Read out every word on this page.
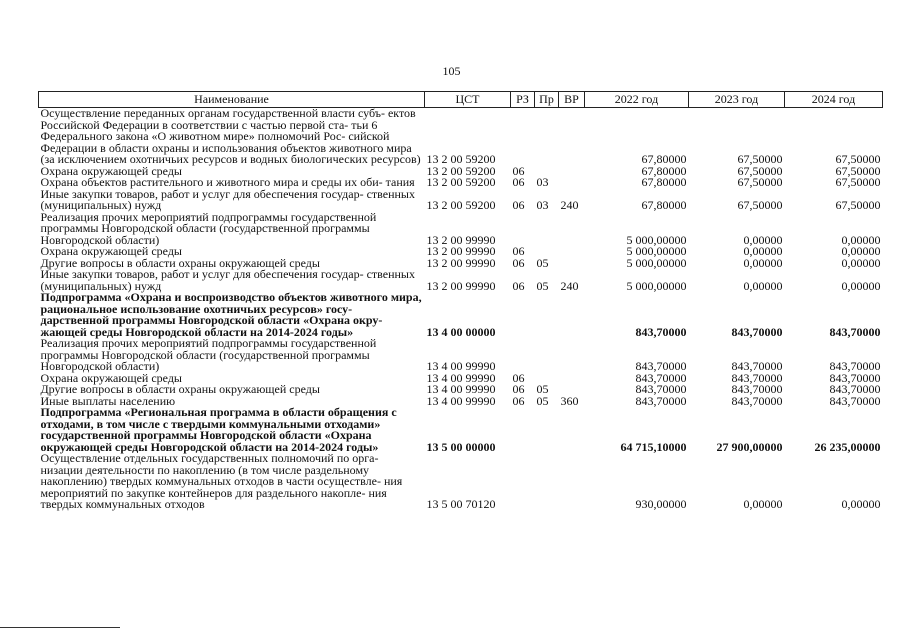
105
Наименование	ЦСТ	РЗ	Пр	ВР	2022 год	2023 год	2024 год
Осуществление переданных органам государственной власти субъ- ектов Российской Федерации в соответствии с частью первой ста- тьи 6 Федерального закона «О животном мире» полномочий Рос- сийской Федерации в области охраны и использования объектов животного мира (за исключением охотничьих ресурсов и водных биологических ресурсов)	13 2 00 59200				67,80000	67,50000	67,50000
Охрана окружающей среды	13 2 00 59200	06			67,80000	67,50000	67,50000
Охрана объектов растительного и животного мира и среды их оби- тания	13 2 00 59200	06	03		67,80000	67,50000	67,50000
Иные закупки товаров, работ и услуг для обеспечения государ- ственных (муниципальных) нужд	13 2 00 59200	06	03	240	67,80000	67,50000	67,50000
Реализация прочих мероприятий подпрограммы государственной программы Новгородской области (государственной программы Новгородской области)	13 2 00 99990				5 000,00000	0,00000	0,00000
Охрана окружающей среды	13 2 00 99990	06			5 000,00000	0,00000	0,00000
Другие вопросы в области охраны окружающей среды	13 2 00 99990	06	05		5 000,00000	0,00000	0,00000
Иные закупки товаров, работ и услуг для обеспечения государ- ственных (муниципальных) нужд	13 2 00 99990	06	05	240	5 000,00000	0,00000	0,00000
Подпрограмма «Охрана и воспроизводство объектов животного мира, рациональное использование охотничьих ресурсов» госу- дарственной программы Новгородской области «Охрана окру- жающей среды Новгородской области на 2014-2024 годы»	13 4 00 00000				843,70000	843,70000	843,70000
Реализация прочих мероприятий подпрограммы государственной программы Новгородской области (государственной программы Новгородской области)	13 4 00 99990				843,70000	843,70000	843,70000
Охрана окружающей среды	13 4 00 99990	06			843,70000	843,70000	843,70000
Другие вопросы в области охраны окружающей среды	13 4 00 99990	06	05		843,70000	843,70000	843,70000
Иные выплаты населению	13 4 00 99990	06	05	360	843,70000	843,70000	843,70000
Подпрограмма «Региональная программа в области обращения с отходами, в том числе с твердыми коммунальными отходами» государственной программы Новгородской области «Охрана окружающей среды Новгородской области на 2014-2024 годы»	13 5 00 00000				64 715,10000	27 900,00000	26 235,00000
Осуществление отдельных государственных полномочий по орга- низации деятельности по накоплению (в том числе раздельному накоплению) твердых коммунальных отходов в части осуществле- ния мероприятий по закупке контейнеров для раздельного накопле- ния твердых коммунальных отходов	13 5 00 70120				930,00000	0,00000	0,00000
